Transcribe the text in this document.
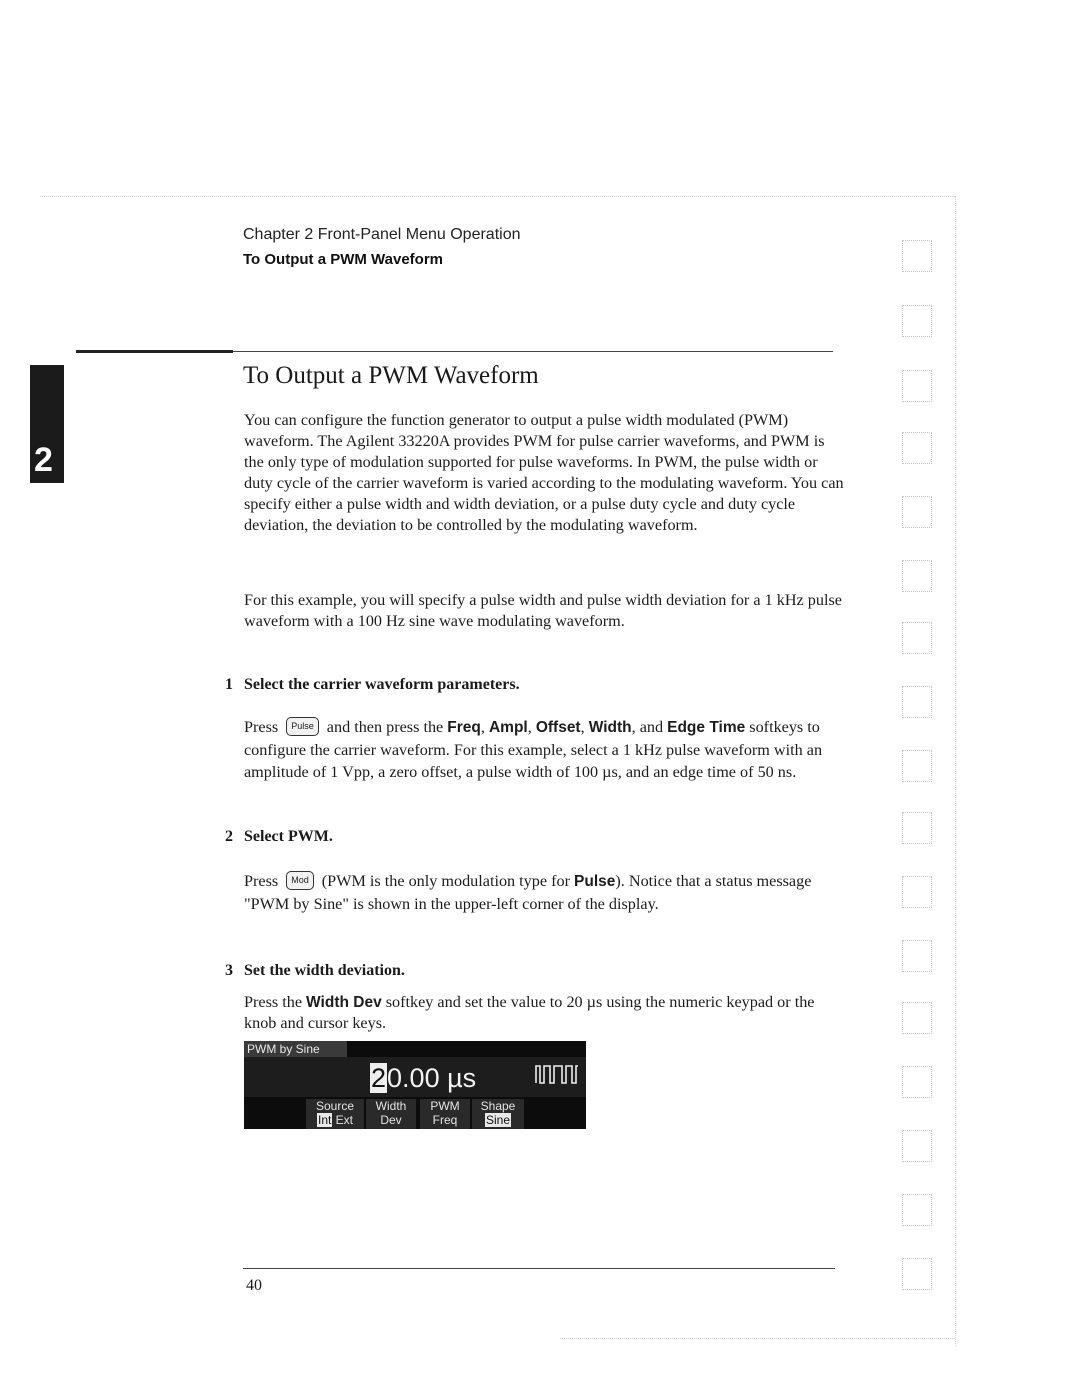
Chapter 2 Front-Panel Menu Operation
To Output a PWM Waveform
2
To Output a PWM Waveform
You can configure the function generator to output a pulse width modulated (PWM) waveform. The Agilent 33220A provides PWM for pulse carrier waveforms, and PWM is the only type of modulation supported for pulse waveforms. In PWM, the pulse width or duty cycle of the carrier waveform is varied according to the modulating waveform. You can specify either a pulse width and width deviation, or a pulse duty cycle and duty cycle deviation, the deviation to be controlled by the modulating waveform.
For this example, you will specify a pulse width and pulse width deviation for a 1 kHz pulse waveform with a 100 Hz sine wave modulating waveform.
1 Select the carrier waveform parameters.
Press Pulse and then press the Freq, Ampl, Offset, Width, and Edge Time softkeys to configure the carrier waveform. For this example, select a 1 kHz pulse waveform with an amplitude of 1 Vpp, a zero offset, a pulse width of 100 µs, and an edge time of 50 ns.
2 Select PWM.
Press Mod (PWM is the only modulation type for Pulse). Notice that a status message "PWM by Sine" is shown in the upper-left corner of the display.
3 Set the width deviation.
Press the Width Dev softkey and set the value to 20 µs using the numeric keypad or the knob and cursor keys.
PWM by Sine
20.00 µs
Source
Int Ext
Width
Dev
PWM
Freq
Shape
Sine
40
